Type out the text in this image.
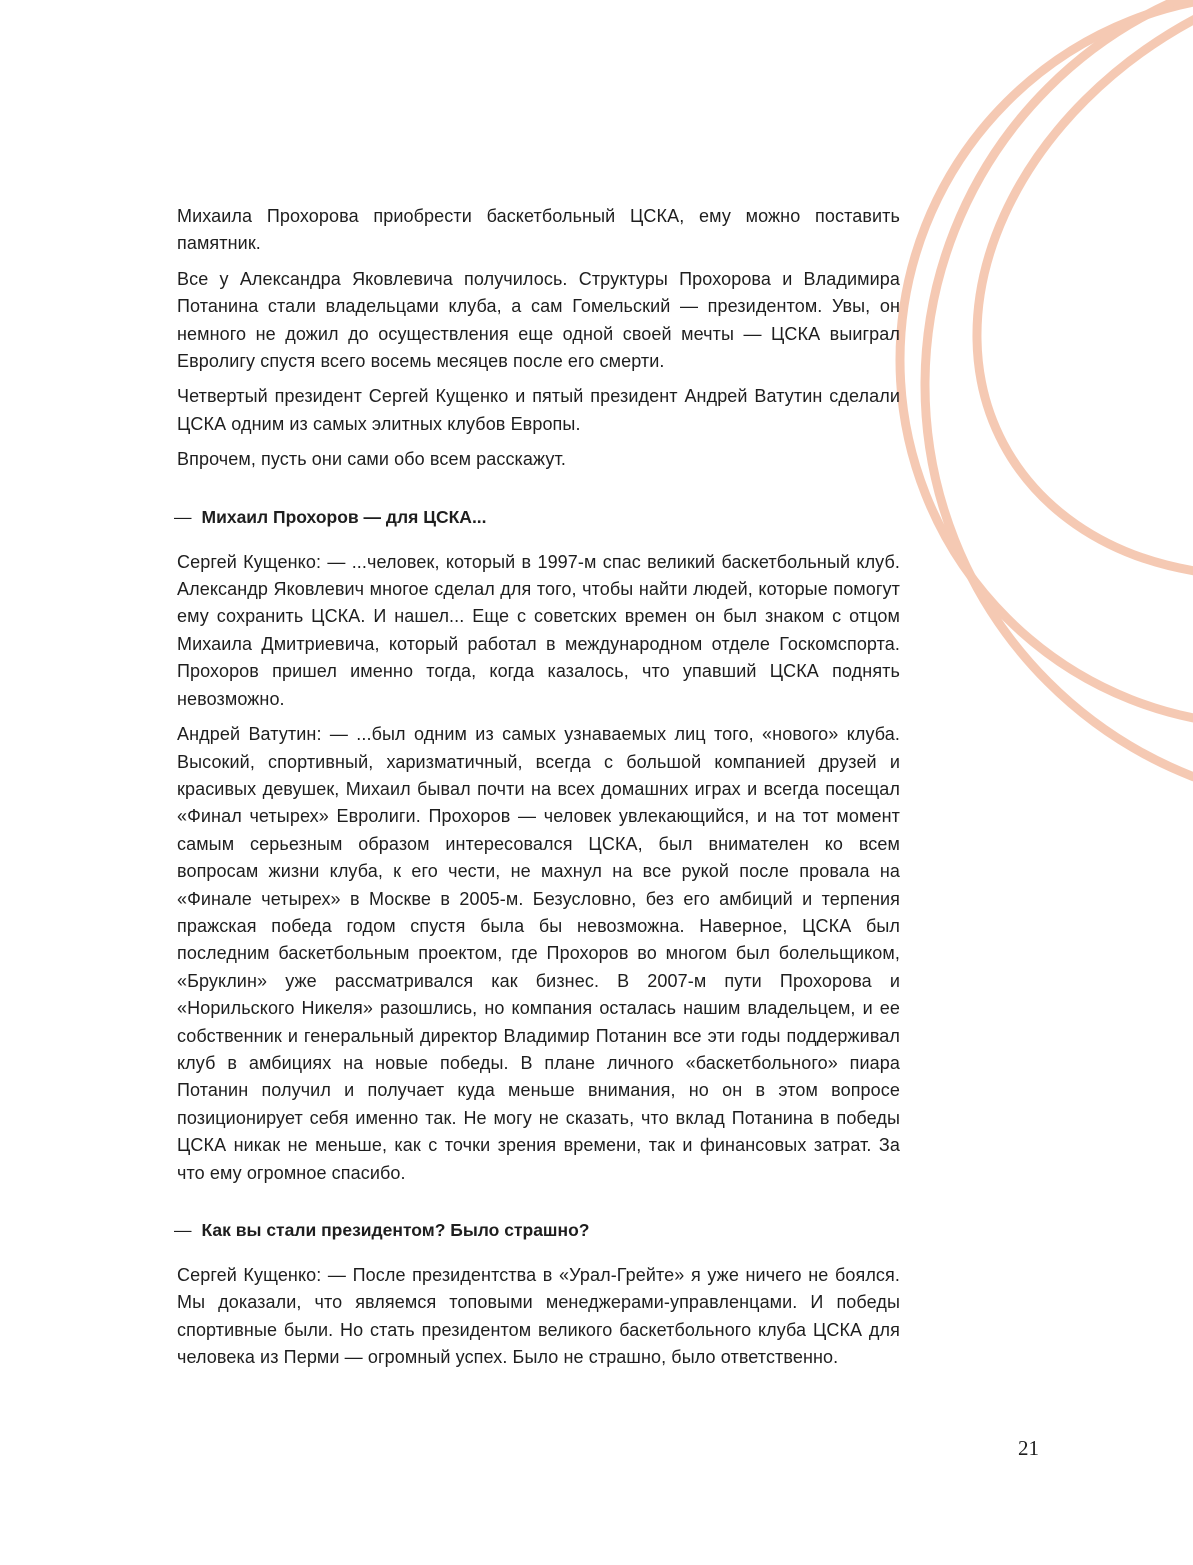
Михаила Прохорова приобрести баскетбольный ЦСКА, ему можно поставить памятник.

Все у Александра Яковлевича получилось. Структуры Прохорова и Владимира Потанина стали владельцами клуба, а сам Гомельский — президентом. Увы, он немного не дожил до осуществления еще одной своей мечты — ЦСКА выиграл Евролигу спустя всего восемь месяцев после его смерти.

Четвертый президент Сергей Кущенко и пятый президент Андрей Ватутин сделали ЦСКА одним из самых элитных клубов Европы.

Впрочем, пусть они сами обо всем расскажут.

— Михаил Прохоров — для ЦСКА...

Сергей Кущенко: — ...человек, который в 1997-м спас великий баскетбольный клуб. Александр Яковлевич многое сделал для того, чтобы найти людей, которые помогут ему сохранить ЦСКА. И нашел... Еще с советских времен он был знаком с отцом Михаила Дмитриевича, который работал в международном отделе Госкомспорта. Прохоров пришел именно тогда, когда казалось, что упавший ЦСКА поднять невозможно.

Андрей Ватутин: — ...был одним из самых узнаваемых лиц того, «нового» клуба. Высокий, спортивный, харизматичный, всегда с большой компанией друзей и красивых девушек, Михаил бывал почти на всех домашних играх и всегда посещал «Финал четырех» Евролиги. Прохоров — человек увлекающийся, и на тот момент самым серьезным образом интересовался ЦСКА, был внимателен ко всем вопросам жизни клуба, к его чести, не махнул на все рукой после провала на «Финале четырех» в Москве в 2005-м. Безусловно, без его амбиций и терпения пражская победа годом спустя была бы невозможна. Наверное, ЦСКА был последним баскетбольным проектом, где Прохоров во многом был болельщиком, «Бруклин» уже рассматривался как бизнес. В 2007-м пути Прохорова и «Норильского Никеля» разошлись, но компания осталась нашим владельцем, и ее собственник и генеральный директор Владимир Потанин все эти годы поддерживал клуб в амбициях на новые победы. В плане личного «баскетбольного» пиара Потанин получил и получает куда меньше внимания, но он в этом вопросе позиционирует себя именно так. Не могу не сказать, что вклад Потанина в победы ЦСКА никак не меньше, как с точки зрения времени, так и финансовых затрат. За что ему огромное спасибо.

— Как вы стали президентом? Было страшно?

Сергей Кущенко: — После президентства в «Урал-Грейте» я уже ничего не боялся. Мы доказали, что являемся топовыми менеджерами-управленцами. И победы спортивные были. Но стать президентом великого баскетбольного клуба ЦСКА для человека из Перми — огромный успех. Было не страшно, было ответственно.

21
